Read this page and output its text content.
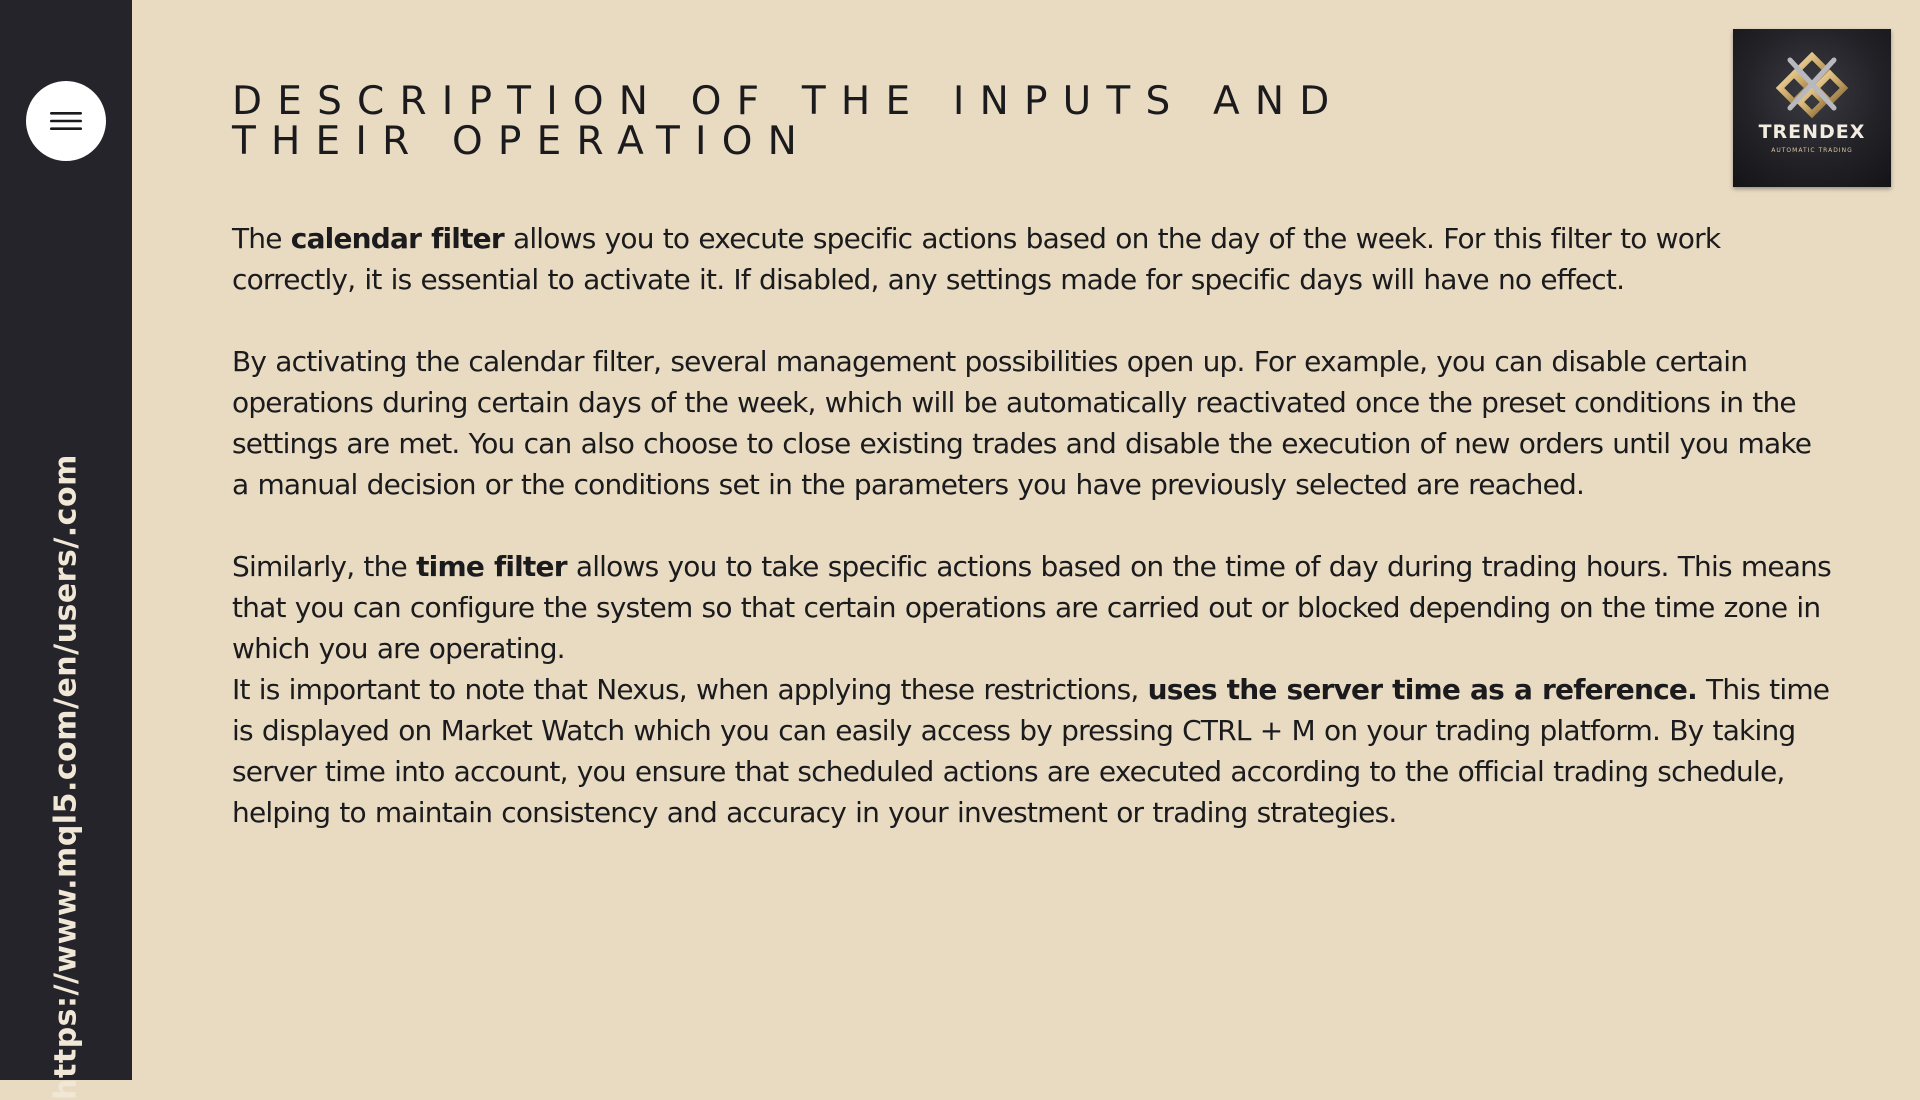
https://www.mql5.com/en/users/.com
TRENDEX
AUTOMATIC TRADING
DESCRIPTION OF THE INPUTS AND
THEIR OPERATION

The calendar filter allows you to execute specific actions based on the day of the week. For this filter to work correctly, it is essential to activate it. If disabled, any settings made for specific days will have no effect.

By activating the calendar filter, several management possibilities open up. For example, you can disable certain operations during certain days of the week, which will be automatically reactivated once the preset conditions in the settings are met. You can also choose to close existing trades and disable the execution of new orders until you make a manual decision or the conditions set in the parameters you have previously selected are reached.

Similarly, the time filter allows you to take specific actions based on the time of day during trading hours. This means that you can configure the system so that certain operations are carried out or blocked depending on the time zone in which you are operating.
It is important to note that Nexus, when applying these restrictions, uses the server time as a reference. This time is displayed on Market Watch which you can easily access by pressing CTRL + M on your trading platform. By taking server time into account, you ensure that scheduled actions are executed according to the official trading schedule, helping to maintain consistency and accuracy in your investment or trading strategies.
